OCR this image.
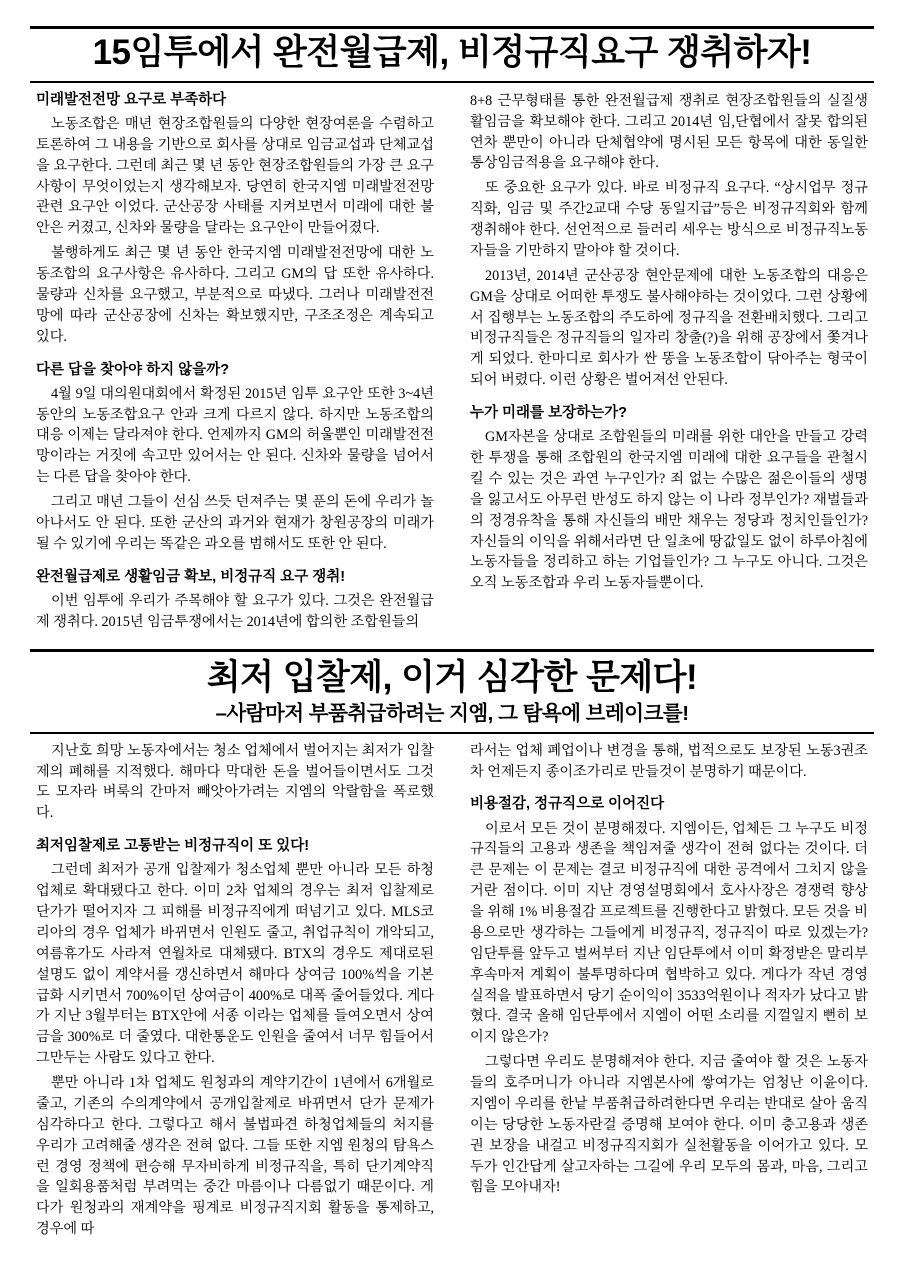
15임투에서 완전월급제, 비정규직요구 쟁취하자!
미래발전전망 요구로 부족하다

노동조합은 매년 현장조합원들의 다양한 현장여론을 수렴하고 토론하여 그 내용을 기반으로 회사를 상대로 임금교섭과 단체교섭을 요구한다. 그런데 최근 몇 년 동안 현장조합원들의 가장 큰 요구사항이 무엇이었는지 생각해보자. 당연히 한국지엠 미래발전전망 관련 요구안 이었다. 군산공장 사태를 지켜보면서 미래에 대한 불안은 커졌고, 신차와 물량을 달라는 요구안이 만들어졌다.

불행하게도 최근 몇 년 동안 한국지엠 미래발전전망에 대한 노동조합의 요구사항은 유사하다. 그리고 GM의 답 또한 유사하다. 물량과 신차를 요구했고, 부분적으로 따냈다. 그러나 미래발전전망에 따라 군산공장에 신차는 확보했지만, 구조조정은 계속되고 있다.

다른 답을 찾아야 하지 않을까?

4월 9일 대의원대회에서 확정된 2015년 임투 요구안 또한 3~4년 동안의 노동조합요구 안과 크게 다르지 않다. 하지만 노동조합의 대응 이제는 달라져야 한다. 언제까지 GM의 허울뿐인 미래발전전망이라는 거짓에 속고만 있어서는 안 된다. 신차와 물량을 넘어서는 다른 답을 찾아야 한다.

그리고 매년 그들이 선심 쓰듯 던져주는 몇 푼의 돈에 우리가 놀아나서도 안 된다. 또한 군산의 과거와 현재가 창원공장의 미래가 될 수 있기에 우리는 똑같은 과오를 범해서도 또한 안 된다.

완전월급제로 생활임금 확보, 비정규직 요구 쟁취!

이번 임투에 우리가 주목해야 할 요구가 있다. 그것은 완전월급제 쟁취다. 2015년 임금투쟁에서는 2014년에 합의한 조합원들의

8+8 근무형태를 통한 완전월급제 쟁취로 현장조합원들의 실질생활임금을 확보해야 한다. 그리고 2014년 임,단협에서 잘못 합의된 연차 뿐만이 아니라 단체협약에 명시된 모든 항목에 대한 동일한 통상임금적용을 요구해야 한다.

또 중요한 요구가 있다. 바로 비정규직 요구다. “상시업무 정규직화, 임금 및 주간2교대 수당 동일지급”등은 비정규직회와 함께 쟁취해야 한다. 선언적으로 들러리 세우는 방식으로 비정규직노동자들을 기만하지 말아야 할 것이다.

2013년, 2014년 군산공장 현안문제에 대한 노동조합의 대응은 GM을 상대로 어떠한 투쟁도 불사해야하는 것이었다. 그런 상황에서 집행부는 노동조합의 주도하에 정규직을 전환배치했다. 그리고 비정규직들은 정규직들의 일자리 창출(?)을 위해 공장에서 쫓겨나게 되었다. 한마디로 회사가 싼 똥을 노동조합이 닦아주는 형국이 되어 버렸다. 이런 상황은 벌어져선 안된다.

누가 미래를 보장하는가?

GM자본을 상대로 조합원들의 미래를 위한 대안을 만들고 강력한 투쟁을 통해 조합원의 한국지엠 미래에 대한 요구들을 관철시킬 수 있는 것은 과연 누구인가? 죄 없는 수많은 젊은이들의 생명을 잃고서도 아무런 반성도 하지 않는 이 나라 정부인가? 재벌들과의 정경유착을 통해 자신들의 배만 채우는 정당과 정치인들인가? 자신들의 이익을 위해서라면 단 일초에 땅값일도 없이 하루아침에 노동자들을 정리하고 하는 기업들인가? 그 누구도 아니다. 그것은 오직 노동조합과 우리 노동자들뿐이다.

최저 입찰제, 이거 심각한 문제다!
–사람마저 부품취급하려는 지엠, 그 탐욕에 브레이크를!

지난호 희망 노동자에서는 청소 업체에서 벌어지는 최저가 입찰제의 폐해를 지적했다. 해마다 막대한 돈을 벌어들이면서도 그것도 모자라 벼룩의 간마저 빼앗아가려는 지엠의 악랄함을 폭로했다.

최저임찰제로 고통받는 비정규직이 또 있다!

그런데 최저가 공개 입찰제가 청소업체 뿐만 아니라 모든 하청업체로 확대됐다고 한다. 이미 2차 업체의 경우는 최저 입찰제로 단가가 떨어지자 그 피해를 비정규직에게 떠넘기고 있다. MLS코리아의 경우 업체가 바뀌면서 인원도 줄고, 취업규칙이 개악되고, 여름휴가도 사라져 연월차로 대체됐다. BTX의 경우도 제대로된 설명도 없이 계약서를 갱신하면서 해마다 상여금 100%씩을 기본급화 시키면서 700%이던 상여금이 400%로 대폭 줄어들었다. 게다가 지난 3월부터는 BTX안에 서종 이라는 업체를 들여오면서 상여금을 300%로 더 줄였다. 대한통운도 인원을 줄여서 너무 힘들어서 그만두는 사람도 있다고 한다.

뿐만 아니라 1차 업체도 원청과의 계약기간이 1년에서 6개월로 줄고, 기존의 수의계약에서 공개입찰제로 바뀌면서 단가 문제가 심각하다고 한다. 그렇다고 해서 불법파견 하청업체들의 처지를 우리가 고려해줄 생각은 전혀 없다. 그들 또한 지엠 원청의 탐욕스런 경영 정책에 편승해 무자비하게 비정규직을, 특히 단기계약직을 일회용품처럼 부려먹는 중간 마름이나 다름없기 때문이다. 게다가 원청과의 재계약을 핑계로 비정규직지회 활동을 통제하고, 경우에 따

라서는 업체 폐업이나 변경을 통해, 법적으로도 보장된 노동3권조차 언제든지 종이조가리로 만들것이 분명하기 때문이다.

비용절감, 정규직으로 이어진다

이로서 모든 것이 분명해졌다. 지엠이든, 업체든 그 누구도 비정규직들의 고용과 생존을 책임져줄 생각이 전혀 없다는 것이다. 더 큰 문제는 이 문제는 결코 비정규직에 대한 공격에서 그치지 않을 거란 점이다. 이미 지난 경영설명회에서 호사사장은 경쟁력 향상을 위해 1% 비용절감 프로젝트를 진행한다고 밝혔다. 모든 것을 비용으로만 생각하는 그들에게 비정규직, 정규직이 따로 있겠는가? 임단투를 앞두고 벌써부터 지난 임단투에서 이미 확정받은 말리부 후속마저 계획이 불투명하다며 협박하고 있다. 게다가 작년 경영실적을 발표하면서 당기 순이익이 3533억원이나 적자가 났다고 밝혔다. 결국 올해 임단투에서 지엠이 어떤 소리를 지껄일지 뻔히 보이지 않은가?

그렇다면 우리도 분명해져야 한다. 지금 줄여야 할 것은 노동자들의 호주머니가 아니라 지엠본사에 쌓여가는 엄청난 이윤이다. 지엠이 우리를 한낱 부품취급하려한다면 우리는 반대로 살아 움직이는 당당한 노동자란걸 증명해 보여야 한다. 이미 충고용과 생존권 보장을 내걸고 비정규직지회가 실천활동을 이어가고 있다. 모두가 인간답게 살고자하는 그길에 우리 모두의 몸과, 마음, 그리고 힘을 모아내자!
